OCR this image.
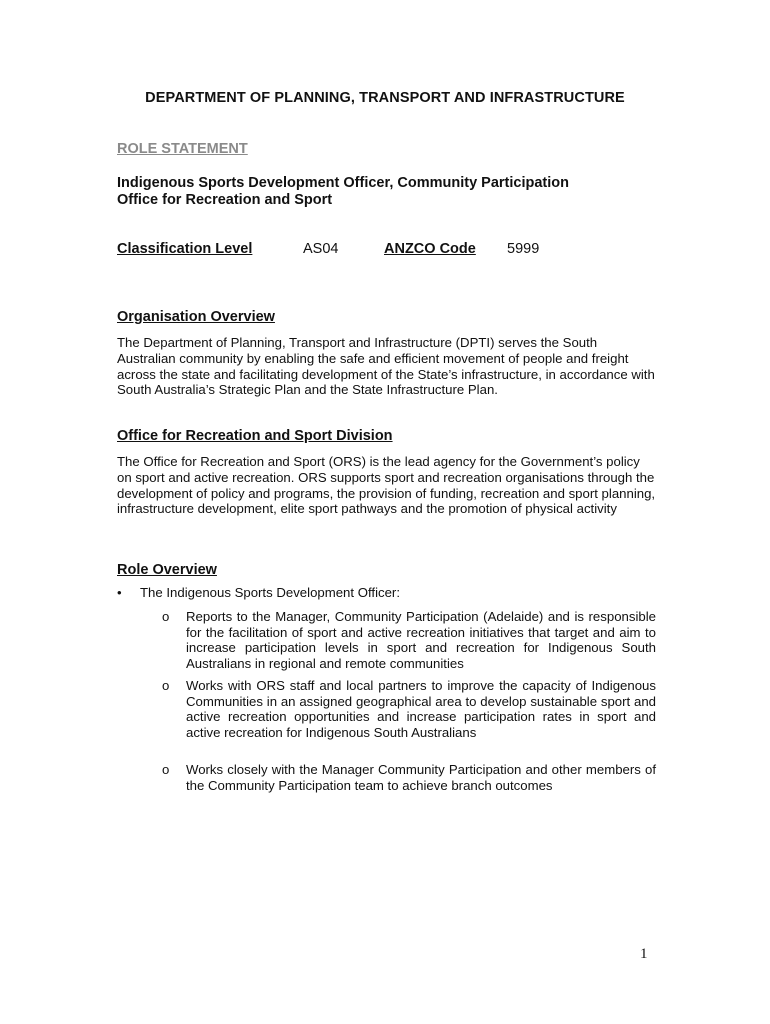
DEPARTMENT OF PLANNING, TRANSPORT AND INFRASTRUCTURE
ROLE STATEMENT
Indigenous Sports Development Officer, Community Participation
Office for Recreation and Sport
Classification Level	AS04	ANZCO Code 5999
Organisation Overview
The Department of Planning, Transport and Infrastructure (DPTI) serves the South Australian community by enabling the safe and efficient movement of people and freight across the state and facilitating development of the State’s infrastructure, in accordance with South Australia’s Strategic Plan and the State Infrastructure Plan.
Office for Recreation and Sport Division
The Office for Recreation and Sport (ORS) is the lead agency for the Government’s policy on sport and active recreation. ORS supports sport and recreation organisations through the development of policy and programs, the provision of funding, recreation and sport planning, infrastructure development, elite sport pathways and the promotion of physical activity
Role Overview
• The Indigenous Sports Development Officer:
o Reports to the Manager, Community Participation (Adelaide) and is responsible for the facilitation of sport and active recreation initiatives that target and aim to increase participation levels in sport and recreation for Indigenous South Australians in regional and remote communities
o Works with ORS staff and local partners to improve the capacity of Indigenous Communities in an assigned geographical area to develop sustainable sport and active recreation opportunities and increase participation rates in sport and active recreation for Indigenous South Australians
o Works closely with the Manager Community Participation and other members of the Community Participation team to achieve branch outcomes
1
